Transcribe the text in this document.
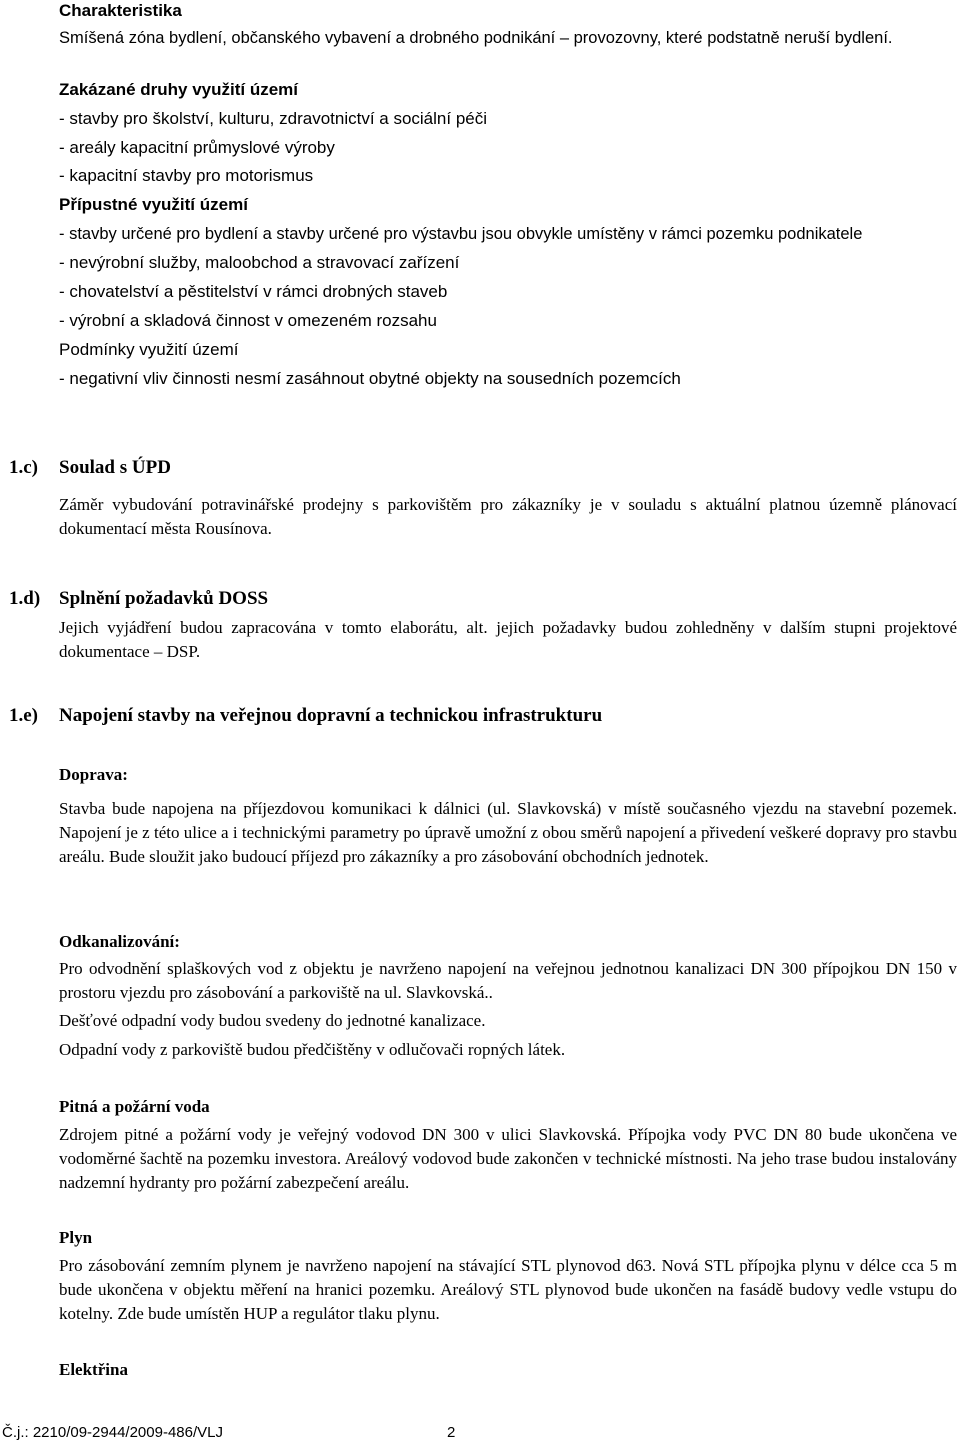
Charakteristika
Smíšená zóna bydlení, občanského vybavení a drobného podnikání – provozovny, které podstatně neruší bydlení.
Zakázané druhy využití území
- stavby pro školství, kulturu, zdravotnictví a sociální péči
- areály kapacitní průmyslové výroby
- kapacitní stavby pro motorismus
Přípustné využití území
- stavby určené pro bydlení a stavby určené pro výstavbu jsou obvykle umístěny v rámci pozemku podnikatele
- nevýrobní služby, maloobchod a stravovací zařízení
- chovatelství a pěstitelství v rámci drobných staveb
- výrobní a skladová činnost v omezeném rozsahu
Podmínky využití území
- negativní vliv činnosti nesmí zasáhnout obytné objekty na sousedních pozemcích
1.c) Soulad s ÚPD
Záměr vybudování potravinářské prodejny s parkovištěm pro zákazníky je v souladu s aktuální platnou územně plánovací dokumentací města Rousínova.
1.d) Splnění požadavků DOSS
Jejich vyjádření budou zapracována v tomto elaborátu, alt. jejich požadavky budou zohledněny v dalším stupni projektové dokumentace – DSP.
1.e) Napojení stavby na veřejnou dopravní a technickou infrastrukturu
Doprava:
Stavba bude napojena na příjezdovou komunikaci k dálnici (ul. Slavkovská) v místě současného vjezdu na stavební pozemek. Napojení je z této ulice a i technickými parametry po úpravě umožní z obou směrů napojení a přivedení veškeré dopravy pro stavbu areálu. Bude sloužit jako budoucí příjezd pro zákazníky a pro zásobování obchodních jednotek.
Odkanalizování:
Pro odvodnění splaškových vod z objektu je navrženo napojení na veřejnou jednotnou kanalizaci DN 300 přípojkou DN 150 v prostoru vjezdu pro zásobování a parkoviště na ul. Slavkovská..
Dešťové odpadní vody budou svedeny do jednotné kanalizace.
Odpadní vody z parkoviště budou předčištěny v odlučovači ropných látek.
Pitná a požární voda
Zdrojem pitné a požární vody je veřejný vodovod DN 300 v ulici Slavkovská. Přípojka vody PVC DN 80 bude ukončena ve vodoměrné šachtě na pozemku investora. Areálový vodovod bude zakončen v technické místnosti. Na jeho trase budou instalovány nadzemní hydranty pro požární zabezpečení areálu.
Plyn
Pro zásobování zemním plynem je navrženo napojení na stávající STL plynovod d63. Nová STL přípojka plynu v délce cca 5 m bude ukončena v objektu měření na hranici pozemku. Areálový STL plynovod bude ukončen na fasádě budovy vedle vstupu do kotelny. Zde bude umístěn HUP a regulátor tlaku plynu.
Elektřina
Č.j.: 2210/09-2944/2009-486/VLJ	2
